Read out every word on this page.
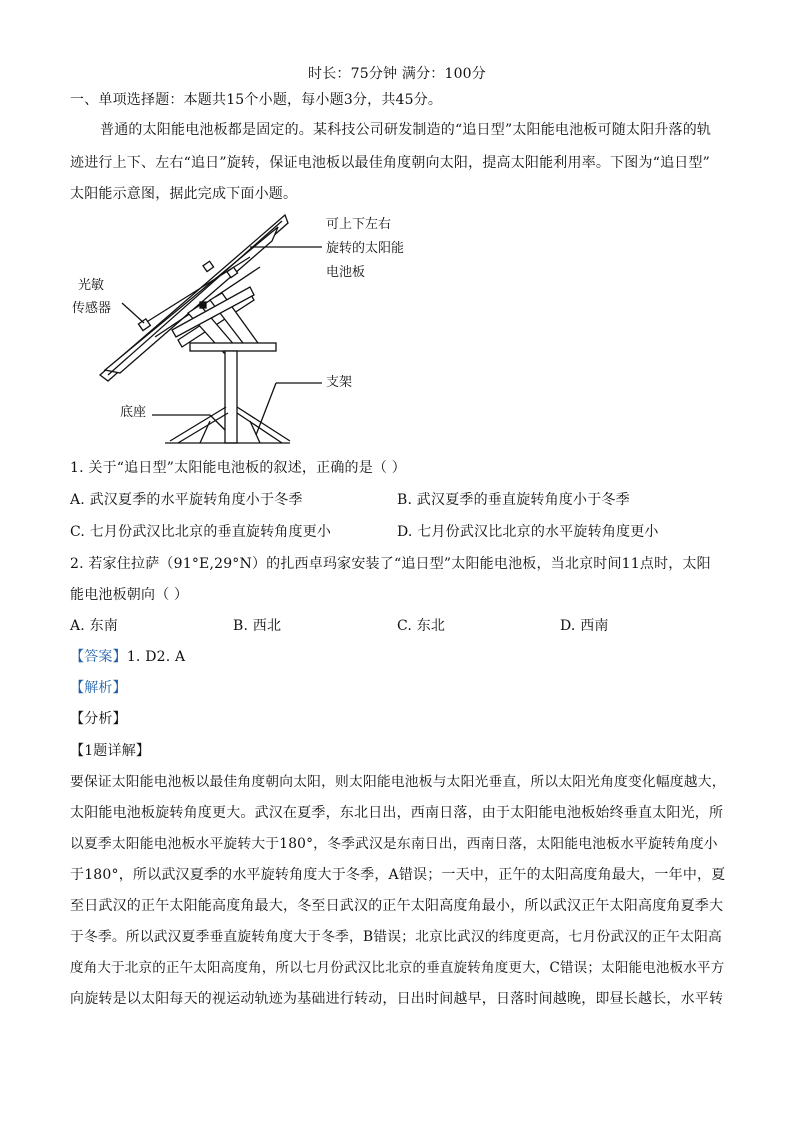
时长：75分钟 满分：100分
一、单项选择题：本题共15个小题，每小题3分，共45分。
普通的太阳能电池板都是固定的。某科技公司研发制造的“追日型”太阳能电池板可随太阳升落的轨
迹进行上下、左右“追日”旋转，保证电池板以最佳角度朝向太阳，提高太阳能利用率。下图为“追日型”
太阳能示意图，据此完成下面小题。
可上下左右
旋转的太阳能
电池板
光敏
传感器
支架
底座
1. 关于“追日型”太阳能电池板的叙述，正确的是（ ）
A. 武汉夏季的水平旋转角度小于冬季	B. 武汉夏季的垂直旋转角度小于冬季
C. 七月份武汉比北京的垂直旋转角度更小	D. 七月份武汉比北京的水平旋转角度更小
2. 若家住拉萨（91°E,29°N）的扎西卓玛家安装了“追日型”太阳能电池板，当北京时间11点时，太阳
能电池板朝向（ ）
A. 东南	B. 西北	C. 东北	D. 西南
【答案】1. D2. A
【解析】
【分析】
【1题详解】
要保证太阳能电池板以最佳角度朝向太阳，则太阳能电池板与太阳光垂直，所以太阳光角度变化幅度越大，
太阳能电池板旋转角度更大。武汉在夏季，东北日出，西南日落，由于太阳能电池板始终垂直太阳光，所
以夏季太阳能电池板水平旋转大于180°，冬季武汉是东南日出，西南日落，太阳能电池板水平旋转角度小
于180°，所以武汉夏季的水平旋转角度大于冬季，A错误；一天中，正午的太阳高度角最大，一年中，夏
至日武汉的正午太阳能高度角最大，冬至日武汉的正午太阳高度角最小，所以武汉正午太阳高度角夏季大
于冬季。所以武汉夏季垂直旋转角度大于冬季，B错误；北京比武汉的纬度更高，七月份武汉的正午太阳高
度角大于北京的正午太阳高度角，所以七月份武汉比北京的垂直旋转角度更大，C错误；太阳能电池板水平方
向旋转是以太阳每天的视运动轨迹为基础进行转动，日出时间越早，日落时间越晚，即昼长越长，水平转
